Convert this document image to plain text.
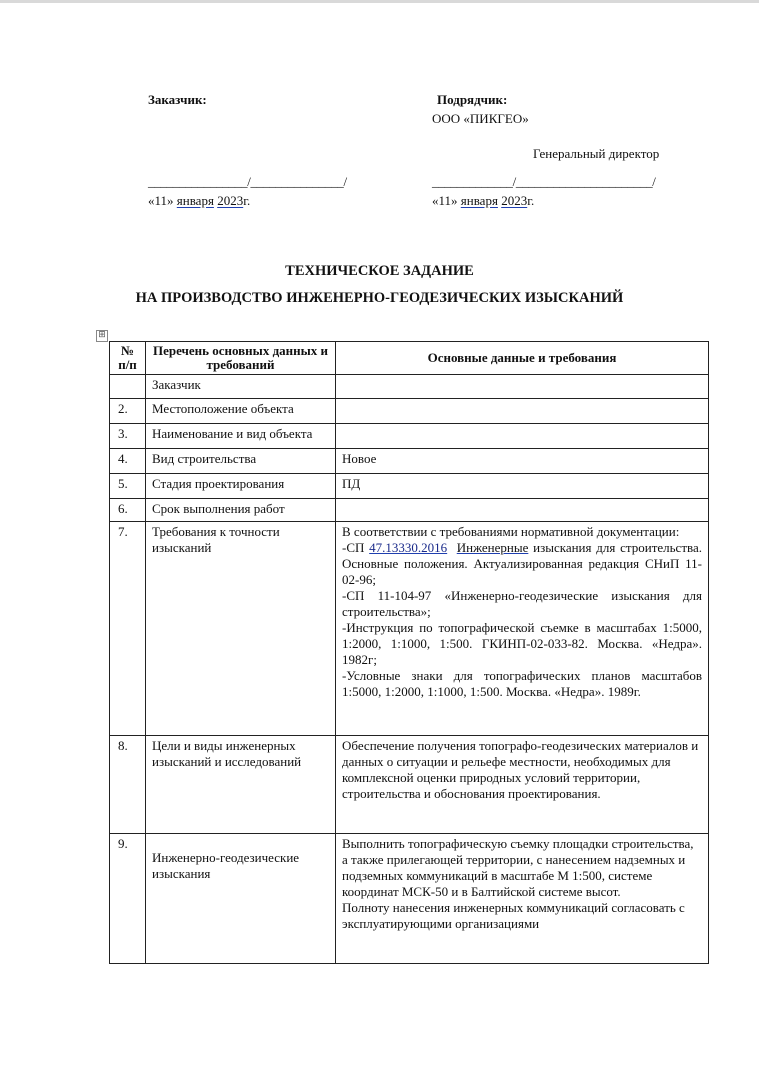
Заказчик:	Подрядчик:
ООО «ПИКГЕО»
Генеральный директор
________________/_______________/	_____________/______________________/
«11» января 2023г.	«11» января 2023г.
ТЕХНИЧЕСКОЕ ЗАДАНИЕ
НА ПРОИЗВОДСТВО ИНЖЕНЕРНО-ГЕОДЕЗИЧЕСКИХ ИЗЫСКАНИЙ
⊞
№ п/п	Перечень основных данных и требований	Основные данные и требования
	Заказчик	
2.	Местоположение объекта	
3.	Наименование и вид объекта	
4.	Вид строительства	Новое
5.	Стадия проектирования	ПД
6.	Срок выполнения работ	
7.	Требования к точности изысканий	В соответствии с требованиями нормативной документации:
-СП 47.13330.2016 Инженерные изыскания для строительства. Основные положения. Актуализированная редакция СНиП 11-02-96;
-СП 11-104-97 «Инженерно-геодезические изыскания для строительства»;
-Инструкция по топографической съемке в масштабах 1:5000, 1:2000, 1:1000, 1:500. ГКИНП-02-033-82. Москва. «Недра». 1982г;
-Условные знаки для топографических планов масштабов 1:5000, 1:2000, 1:1000, 1:500. Москва. «Недра». 1989г.

8.	Цели и виды инженерных изысканий и исследований	Обеспечение получения топографо-геодезических материалов и данных о ситуации и рельефе местности, необходимых для комплексной оценки природных условий территории, строительства и обоснования проектирования.
9.	Инженерно-геодезические изыскания	Выполнить топографическую съемку площадки строительства, а также прилегающей территории, с нанесением надземных и подземных коммуникаций в масштабе М 1:500, системе координат МСК-50 и в Балтийской системе высот.
Полноту нанесения инженерных коммуникаций согласовать с эксплуатирующими организациями
